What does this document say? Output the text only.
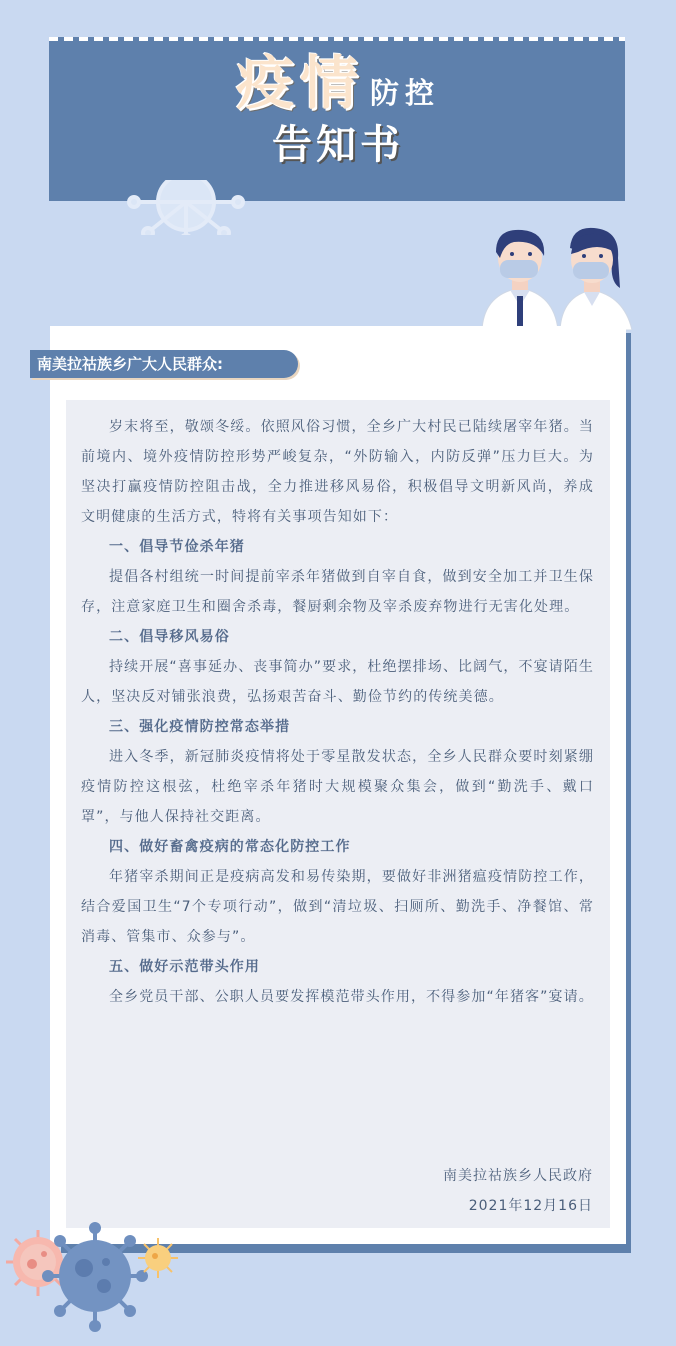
疫情 防控
告知书
南美拉祜族乡广大人民群众:

岁末将至，敬颂冬绥。依照风俗习惯，全乡广大村民已陆续屠宰年猪。当前境内、境外疫情防控形势严峻复杂，“外防输入，内防反弹”压力巨大。为坚决打赢疫情防控阻击战，全力推进移风易俗，积极倡导文明新风尚，养成文明健康的生活方式，特将有关事项告知如下：

一、倡导节俭杀年猪

提倡各村组统一时间提前宰杀年猪做到自宰自食，做到安全加工并卫生保存，注意家庭卫生和圈舍杀毒，餐厨剩余物及宰杀废弃物进行无害化处理。

二、倡导移风易俗

持续开展“喜事延办、丧事简办”要求，杜绝摆排场、比阔气，不宴请陌生人，坚决反对铺张浪费，弘扬艰苦奋斗、勤俭节约的传统美德。

三、强化疫情防控常态举措

进入冬季，新冠肺炎疫情将处于零星散发状态，全乡人民群众要时刻紧绷疫情防控这根弦，杜绝宰杀年猪时大规模聚众集会，做到“勤洗手、戴口罩”，与他人保持社交距离。

四、做好畜禽疫病的常态化防控工作

年猪宰杀期间正是疫病高发和易传染期，要做好非洲猪瘟疫情防控工作，结合爱国卫生“7个专项行动”，做到“清垃圾、扫厕所、勤洗手、净餐馆、常消毒、管集市、众参与”。

五、做好示范带头作用

全乡党员干部、公职人员要发挥模范带头作用，不得参加“年猪客”宴请。

南美拉祜族乡人民政府
2021年12月16日
